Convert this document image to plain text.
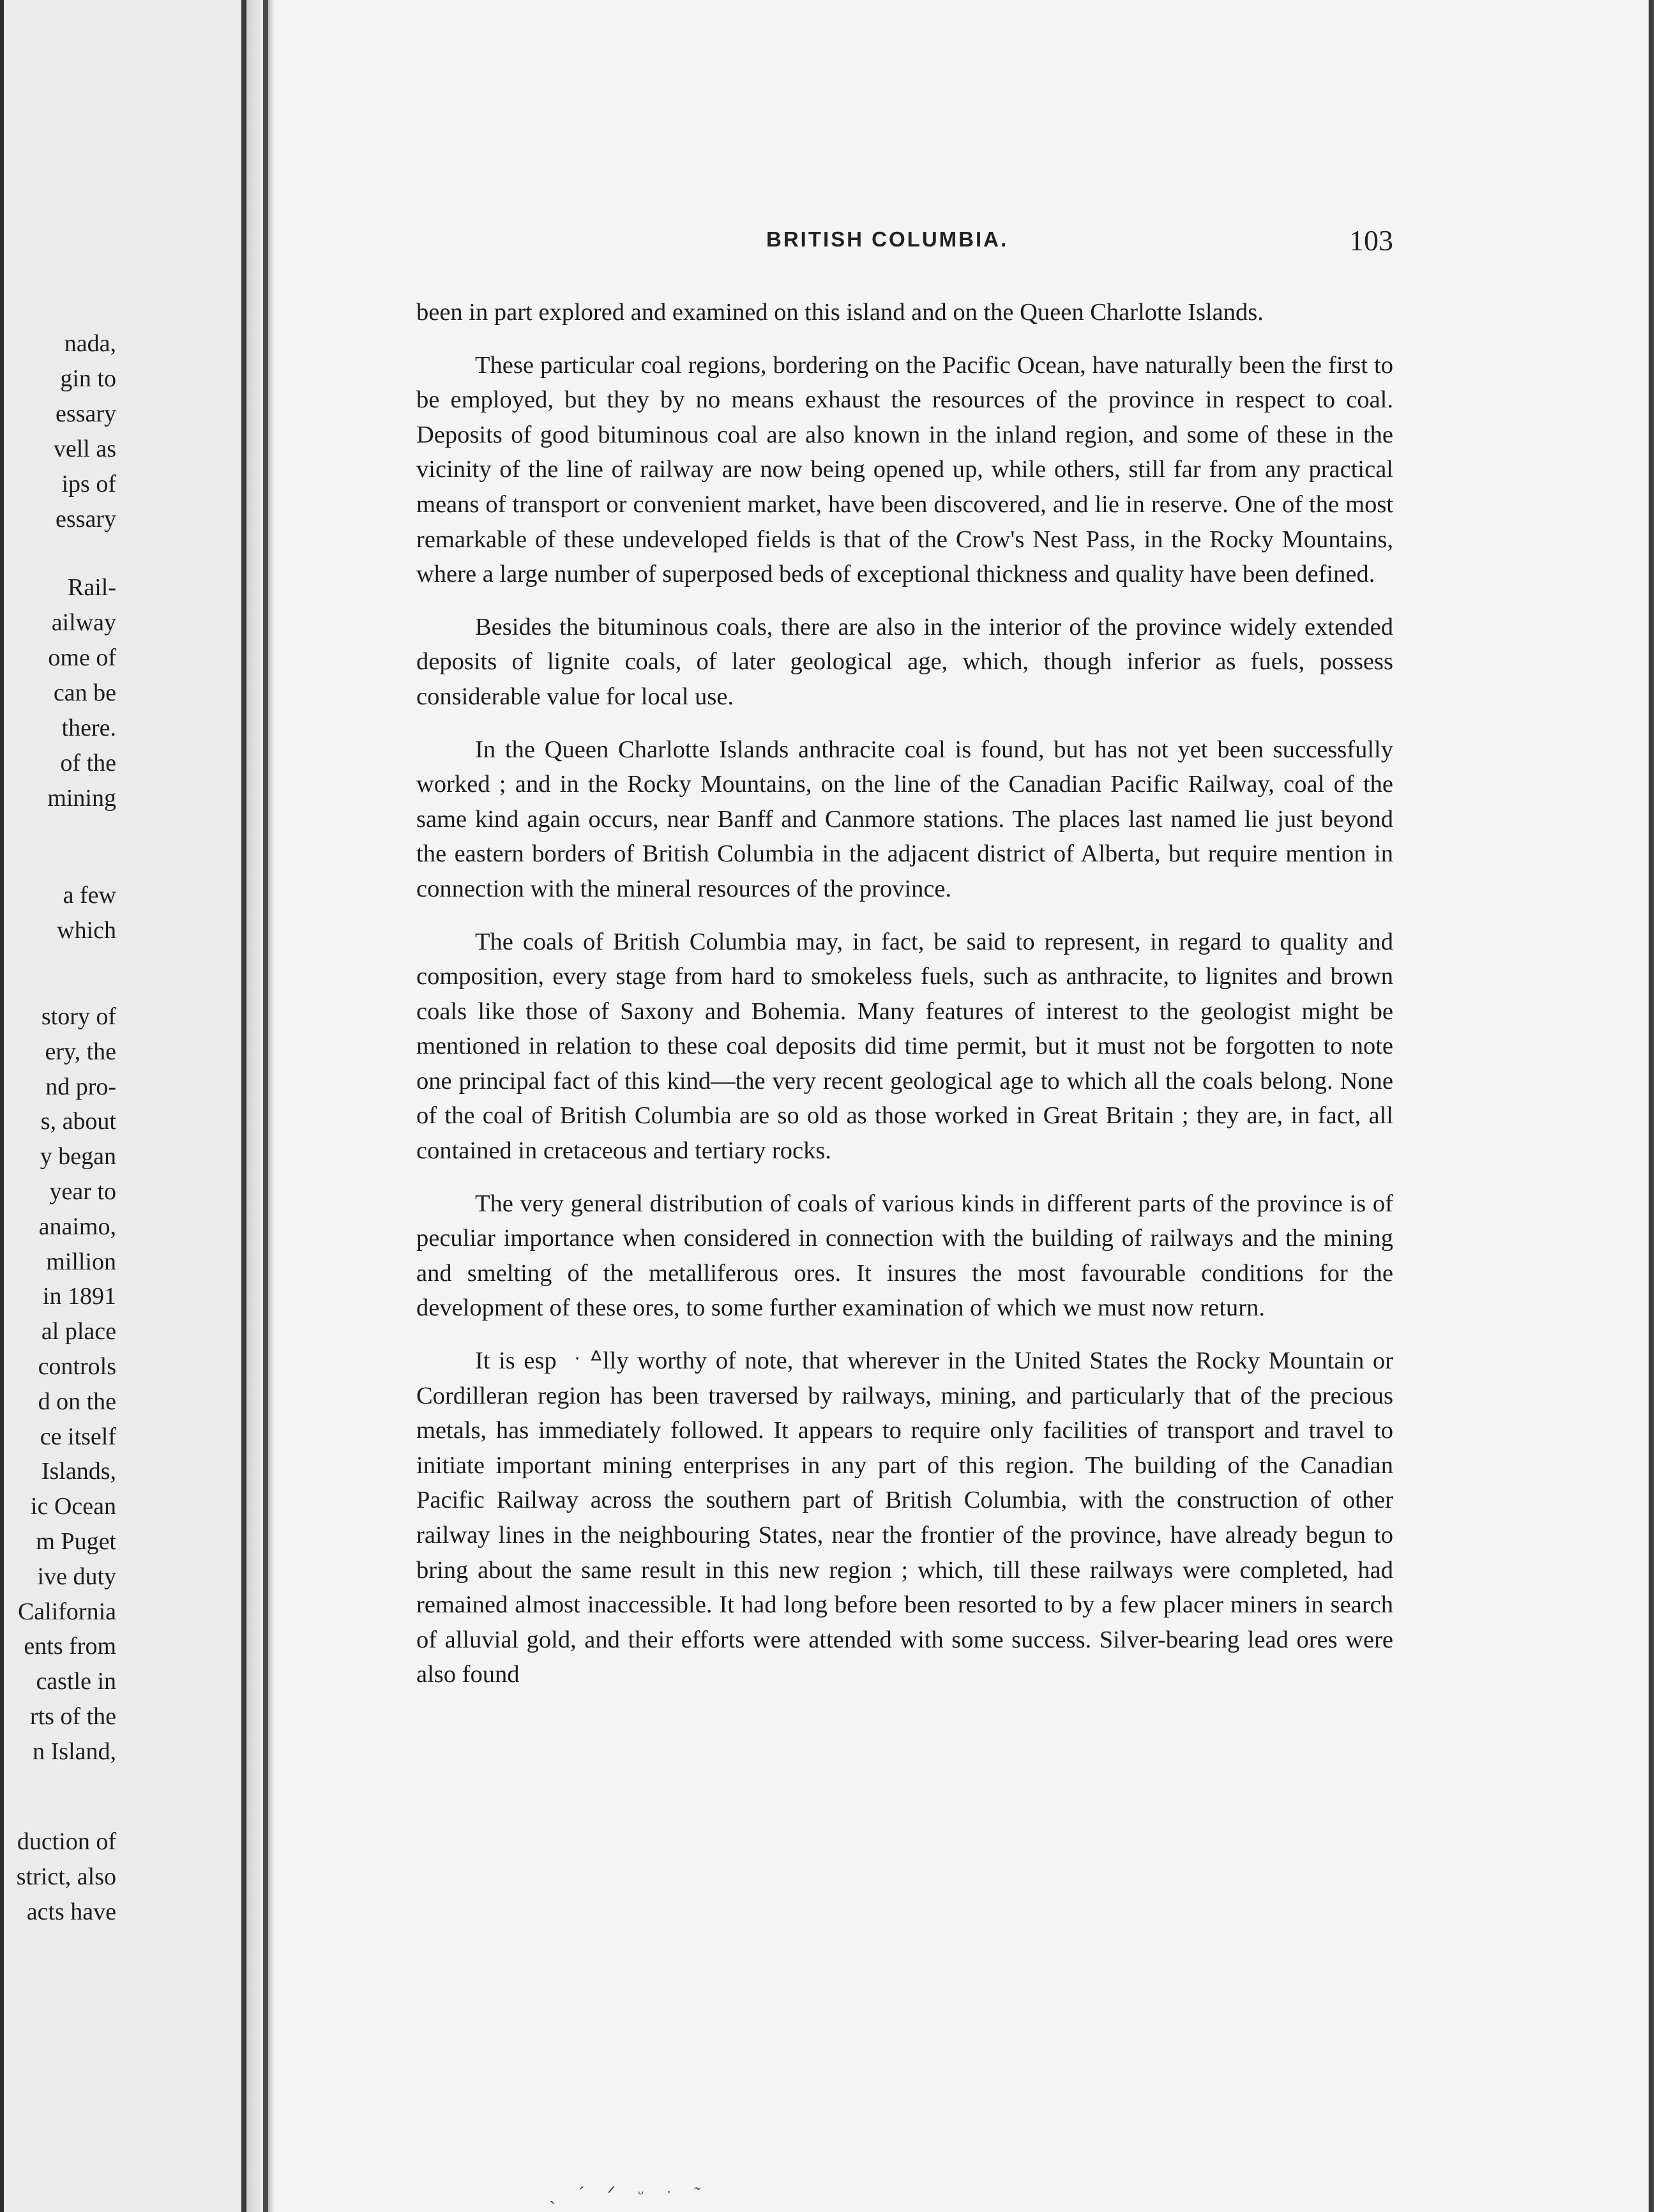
nada,
gin to
essary
vell as
ips of
essary
Rail-
ailway
ome of
can be
there.
of the
mining
a few
which
story of
ery, the
nd pro-
s, about
y began
year to
anaimo,
million
in 1891
al place
controls
d on the
ce itself
Islands,
ic Ocean
m Puget
ive duty
California
ents from
castle in
rts of the
n Island,
duction of
strict, also
acts have
BRITISH COLUMBIA.	103

been in part explored and examined on this island and on the Queen Charlotte Islands.

These particular coal regions, bordering on the Pacific Ocean, have naturally been the first to be employed, but they by no means exhaust the resources of the province in respect to coal. Deposits of good bituminous coal are also known in the inland region, and some of these in the vicinity of the line of railway are now being opened up, while others, still far from any practical means of transport or convenient market, have been discovered, and lie in reserve. One of the most remarkable of these undeveloped fields is that of the Crow's Nest Pass, in the Rocky Mountains, where a large number of superposed beds of exceptional thickness and quality have been defined.

Besides the bituminous coals, there are also in the interior of the province widely extended deposits of lignite coals, of later geological age, which, though inferior as fuels, possess considerable value for local use.

In the Queen Charlotte Islands anthracite coal is found, but has not yet been successfully worked ; and in the Rocky Mountains, on the line of the Canadian Pacific Railway, coal of the same kind again occurs, near Banff and Canmore stations. The places last named lie just beyond the eastern borders of British Columbia in the adjacent district of Alberta, but require mention in connection with the mineral resources of the province.

The coals of British Columbia may, in fact, be said to represent, in regard to quality and composition, every stage from hard to smokeless fuels, such as anthracite, to lignites and brown coals like those of Saxony and Bohemia. Many features of interest to the geologist might be mentioned in relation to these coal deposits did time permit, but it must not be forgotten to note one principal fact of this kind—the very recent geological age to which all the coals belong. None of the coal of British Columbia are so old as those worked in Great Britain ; they are, in fact, all contained in cretaceous and tertiary rocks.

The very general distribution of coals of various kinds in different parts of the province is of peculiar importance when considered in connection with the building of railways and the mining and smelting of the metalliferous ores. It insures the most favourable conditions for the development of these ores, to some further examination of which we must now return.

It is esp  ˑ ᐞlly worthy of note, that wherever in the United States the Rocky Mountain or Cordilleran region has been traversed by railways, mining, and particularly that of the precious metals, has immediately followed. It appears to require only facilities of transport and travel to initiate important mining enterprises in any part of this region. The building of the Canadian Pacific Railway across the southern part of British Columbia, with the construction of other railway lines in the neighbouring States, near the frontier of the province, have already begun to bring about the same result in this new region ; which, till these railways were completed, had remained almost inaccessible. It had long before been resorted to by a few placer miners in search of alluvial gold, and their efforts were attended with some success. Silver-bearing lead ores were also found

ˏ ˊ ᐟ ᵕ ˑ ˜
